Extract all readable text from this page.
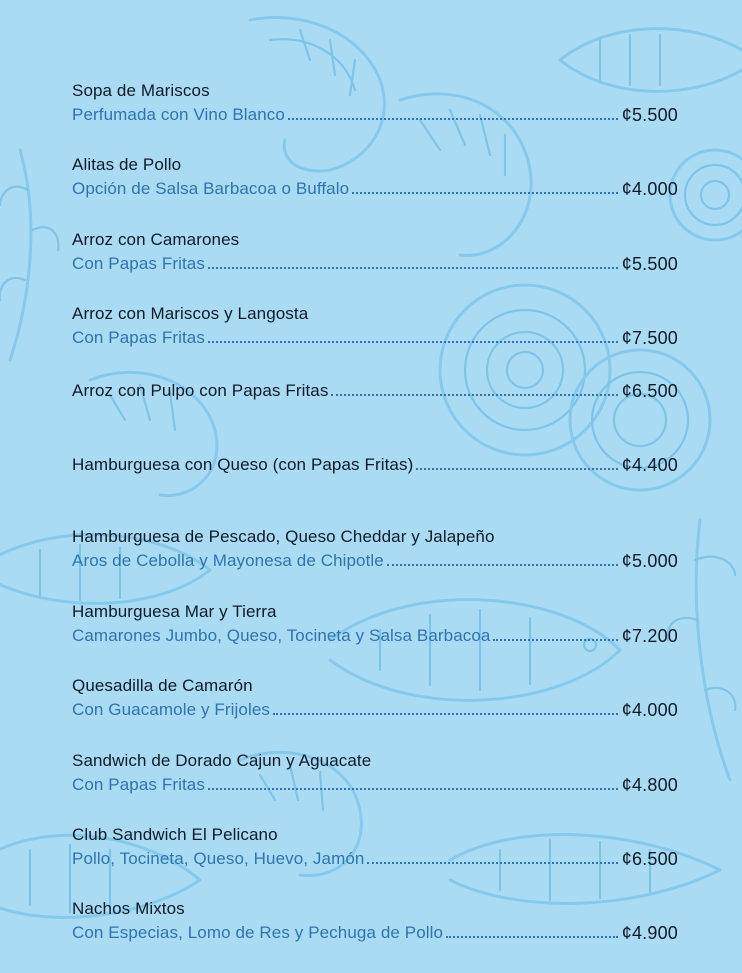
Sopa de Mariscos
Perfumada con Vino Blanco	¢5.500
Alitas de Pollo
Opción de Salsa Barbacoa o Buffalo	¢4.000
Arroz con Camarones
Con Papas Fritas	¢5.500
Arroz con Mariscos y Langosta
Con Papas Fritas	¢7.500
Arroz con Pulpo con Papas Fritas	¢6.500
Hamburguesa con Queso (con Papas Fritas)	¢4.400
Hamburguesa de Pescado, Queso Cheddar y Jalapeño
Aros de Cebolla y Mayonesa de Chipotle	¢5.000
Hamburguesa Mar y Tierra
Camarones Jumbo, Queso, Tocineta y Salsa Barbacoa	¢7.200
Quesadilla de Camarón
Con Guacamole y Frijoles	¢4.000
Sandwich de Dorado Cajun y Aguacate
Con Papas Fritas	¢4.800
Club Sandwich El Pelicano
Pollo, Tocineta, Queso, Huevo, Jamón	¢6.500
Nachos Mixtos
Con Especias, Lomo de Res y Pechuga de Pollo	¢4.900
